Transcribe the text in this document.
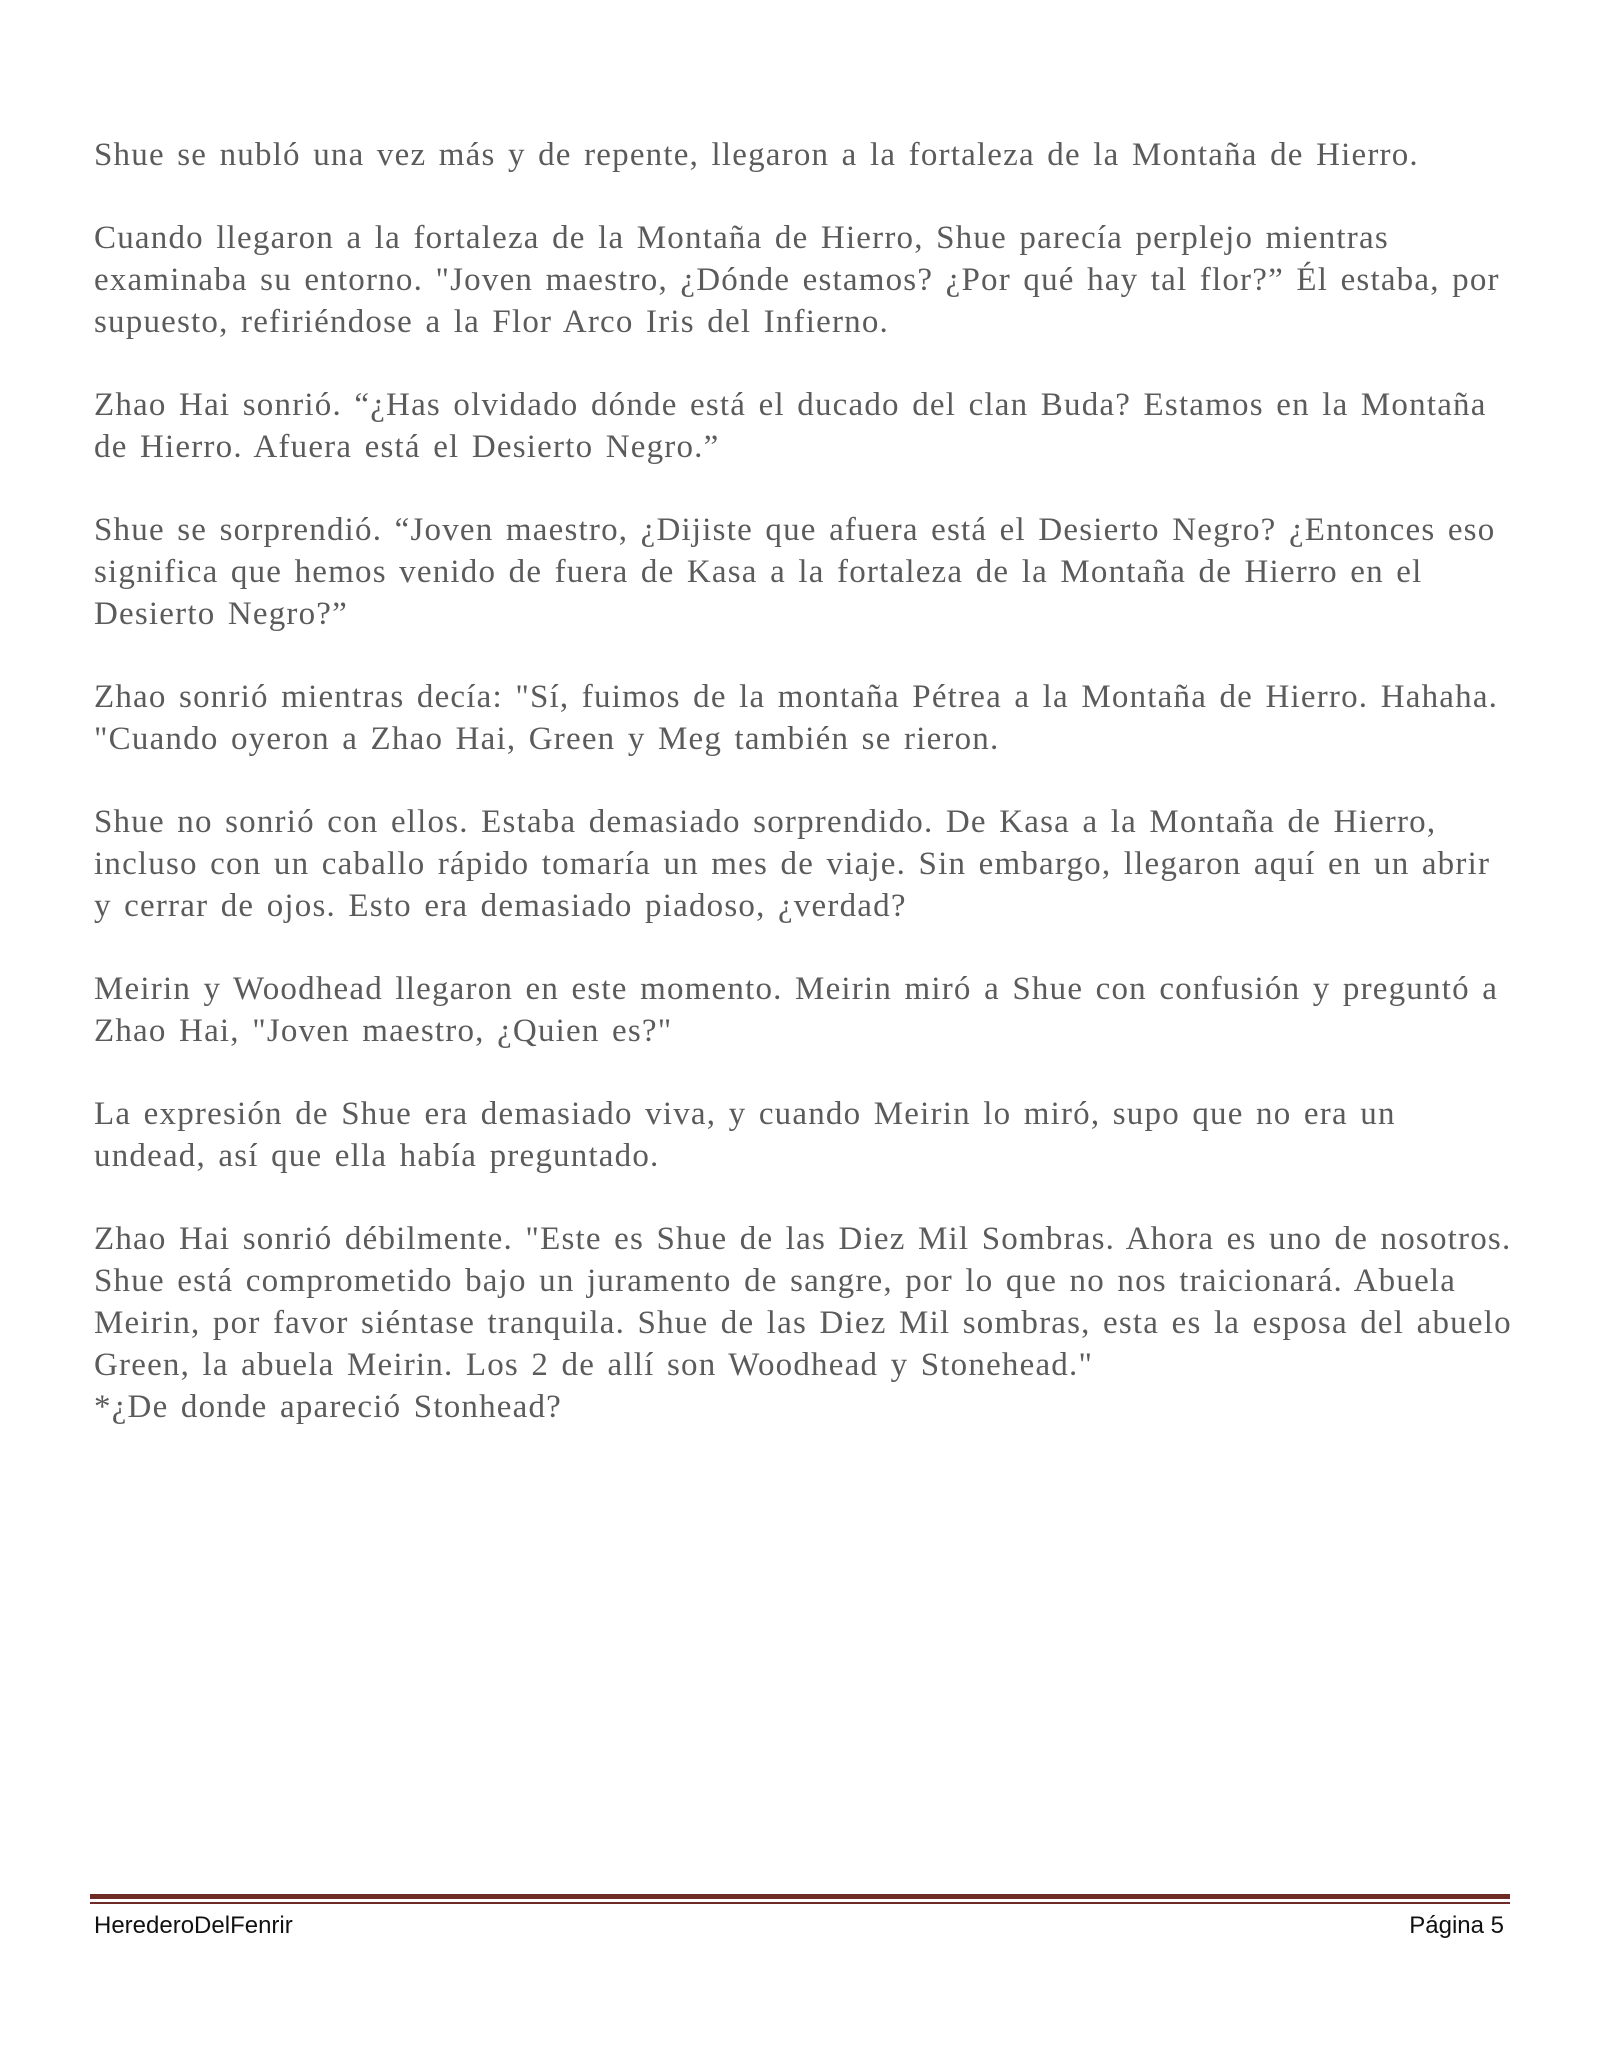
Shue se nubló una vez más y de repente, llegaron a la fortaleza de la Montaña de Hierro.

Cuando llegaron a la fortaleza de la Montaña de Hierro, Shue parecía perplejo mientras examinaba su entorno. "Joven maestro, ¿Dónde estamos? ¿Por qué hay tal flor?” Él estaba, por supuesto, refiriéndose a la Flor Arco Iris del Infierno.

Zhao Hai sonrió. “¿Has olvidado dónde está el ducado del clan Buda? Estamos en la Montaña de Hierro. Afuera está el Desierto Negro.”

Shue se sorprendió. “Joven maestro, ¿Dijiste que afuera está el Desierto Negro? ¿Entonces eso significa que hemos venido de fuera de Kasa a la fortaleza de la Montaña de Hierro en el Desierto Negro?”

Zhao sonrió mientras decía: "Sí, fuimos de la montaña Pétrea a la Montaña de Hierro. Hahaha. "Cuando oyeron a Zhao Hai, Green y Meg también se rieron.

Shue no sonrió con ellos. Estaba demasiado sorprendido. De Kasa a la Montaña de Hierro, incluso con un caballo rápido tomaría un mes de viaje. Sin embargo, llegaron aquí en un abrir y cerrar de ojos. Esto era demasiado piadoso, ¿verdad?

Meirin y Woodhead llegaron en este momento. Meirin miró a Shue con confusión y preguntó a Zhao Hai, "Joven maestro, ¿Quien es?"

La expresión de Shue era demasiado viva, y cuando Meirin lo miró, supo que no era un undead, así que ella había preguntado.

Zhao Hai sonrió débilmente. "Este es Shue de las Diez Mil Sombras. Ahora es uno de nosotros. Shue está comprometido bajo un juramento de sangre, por lo que no nos traicionará. Abuela Meirin, por favor siéntase tranquila. Shue de las Diez Mil sombras, esta es la esposa del abuelo Green, la abuela Meirin. Los 2 de allí son Woodhead y Stonehead."

*¿De donde apareció Stonhead?

HerederoDelFenrir	Página 5
